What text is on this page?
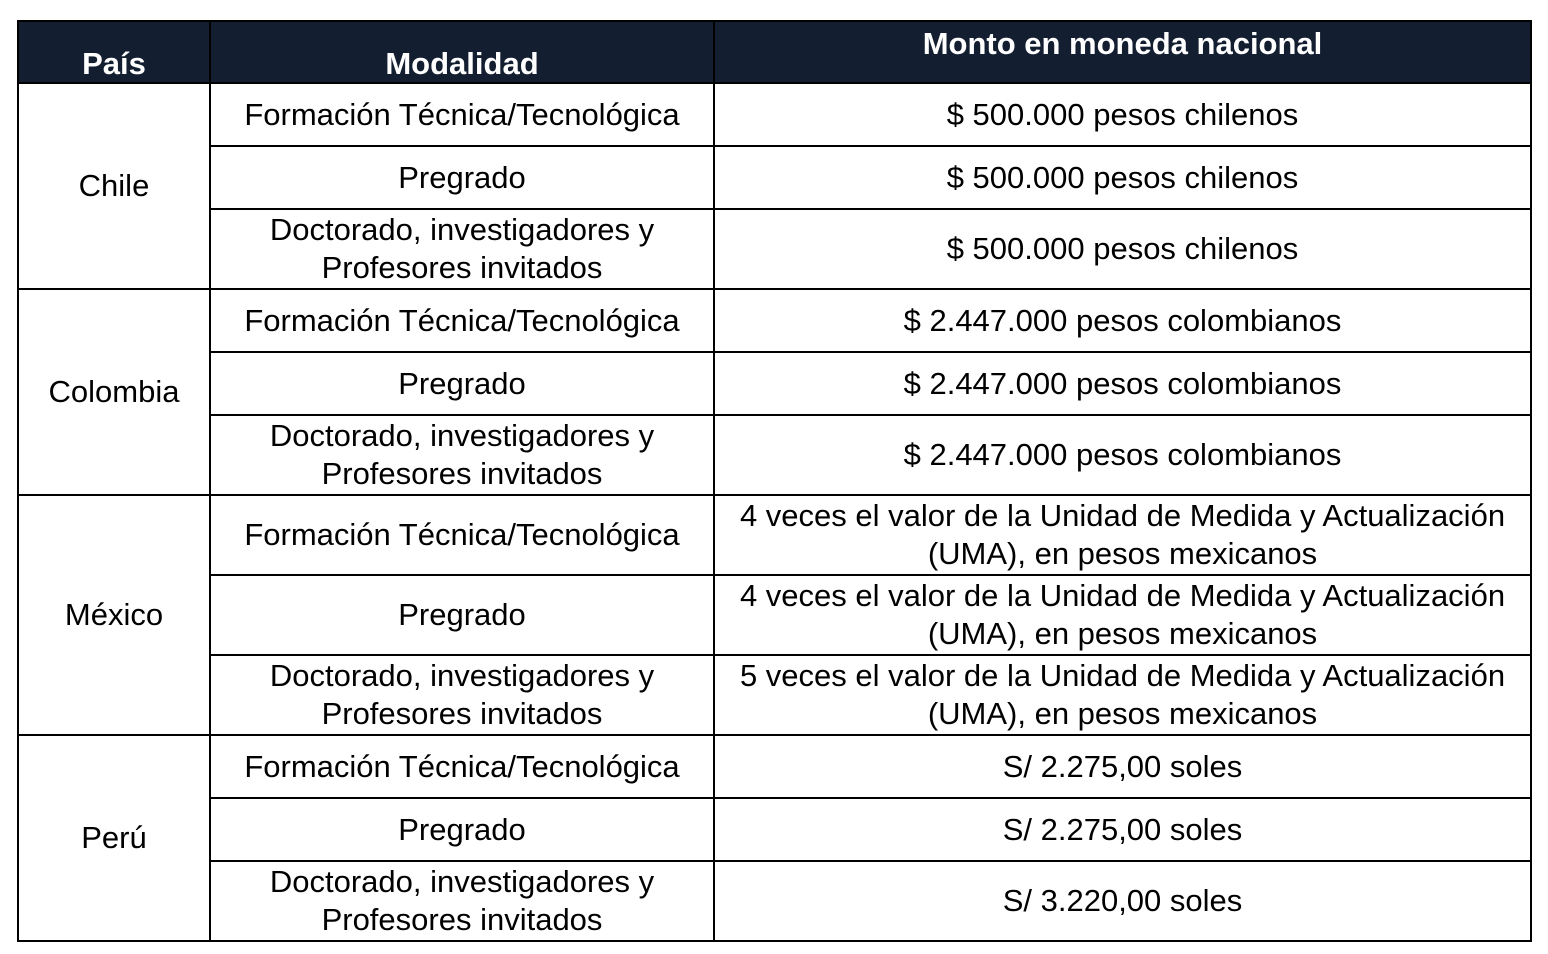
País	Modalidad	Monto en moneda nacional
Chile	Formación Técnica/Tecnológica	$ 500.000 pesos chilenos
	Pregrado	$ 500.000 pesos chilenos
	Doctorado, investigadores y Profesores invitados	$ 500.000 pesos chilenos
Colombia	Formación Técnica/Tecnológica	$ 2.447.000 pesos colombianos
	Pregrado	$ 2.447.000 pesos colombianos
	Doctorado, investigadores y Profesores invitados	$ 2.447.000 pesos colombianos
México	Formación Técnica/Tecnológica	4 veces el valor de la Unidad de Medida y Actualización (UMA), en pesos mexicanos
	Pregrado	4 veces el valor de la Unidad de Medida y Actualización (UMA), en pesos mexicanos
	Doctorado, investigadores y Profesores invitados	5 veces el valor de la Unidad de Medida y Actualización (UMA), en pesos mexicanos
Perú	Formación Técnica/Tecnológica	S/ 2.275,00 soles
	Pregrado	S/ 2.275,00 soles
	Doctorado, investigadores y Profesores invitados	S/ 3.220,00 soles
